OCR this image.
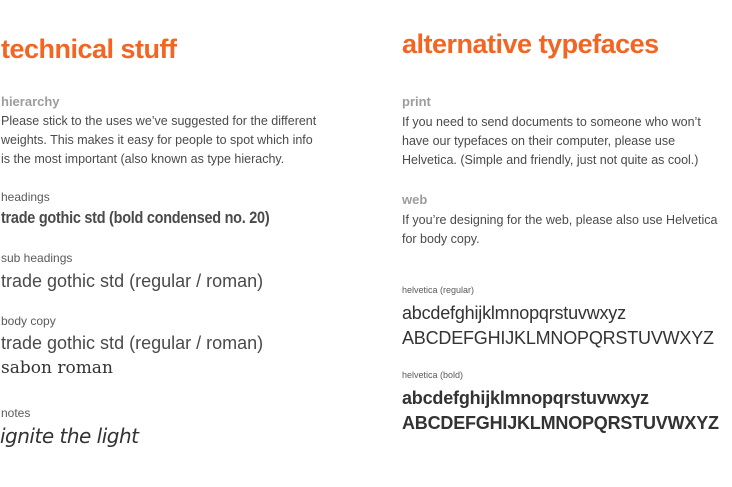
technical stuff
hierarchy
Please stick to the uses we’ve suggested for the different
weights. This makes it easy for people to spot which info
is the most important (also known as type hierachy.
headings
trade gothic std (bold condensed no. 20)
sub headings
trade gothic std (regular / roman)
body copy
trade gothic std (regular / roman)
sabon roman
notes
ignite the light
alternative typefaces
print
If you need to send documents to someone who won’t
have our typefaces on their computer, please use
Helvetica. (Simple and friendly, just not quite as cool.)
web
If you’re designing for the web, please also use Helvetica
for body copy.
helvetica (regular)
abcdefghijklmnopqrstuvwxyz
ABCDEFGHIJKLMNOPQRSTUVWXYZ
helvetica (bold)
abcdefghijklmnopqrstuvwxyz
ABCDEFGHIJKLMNOPQRSTUVWXYZ
